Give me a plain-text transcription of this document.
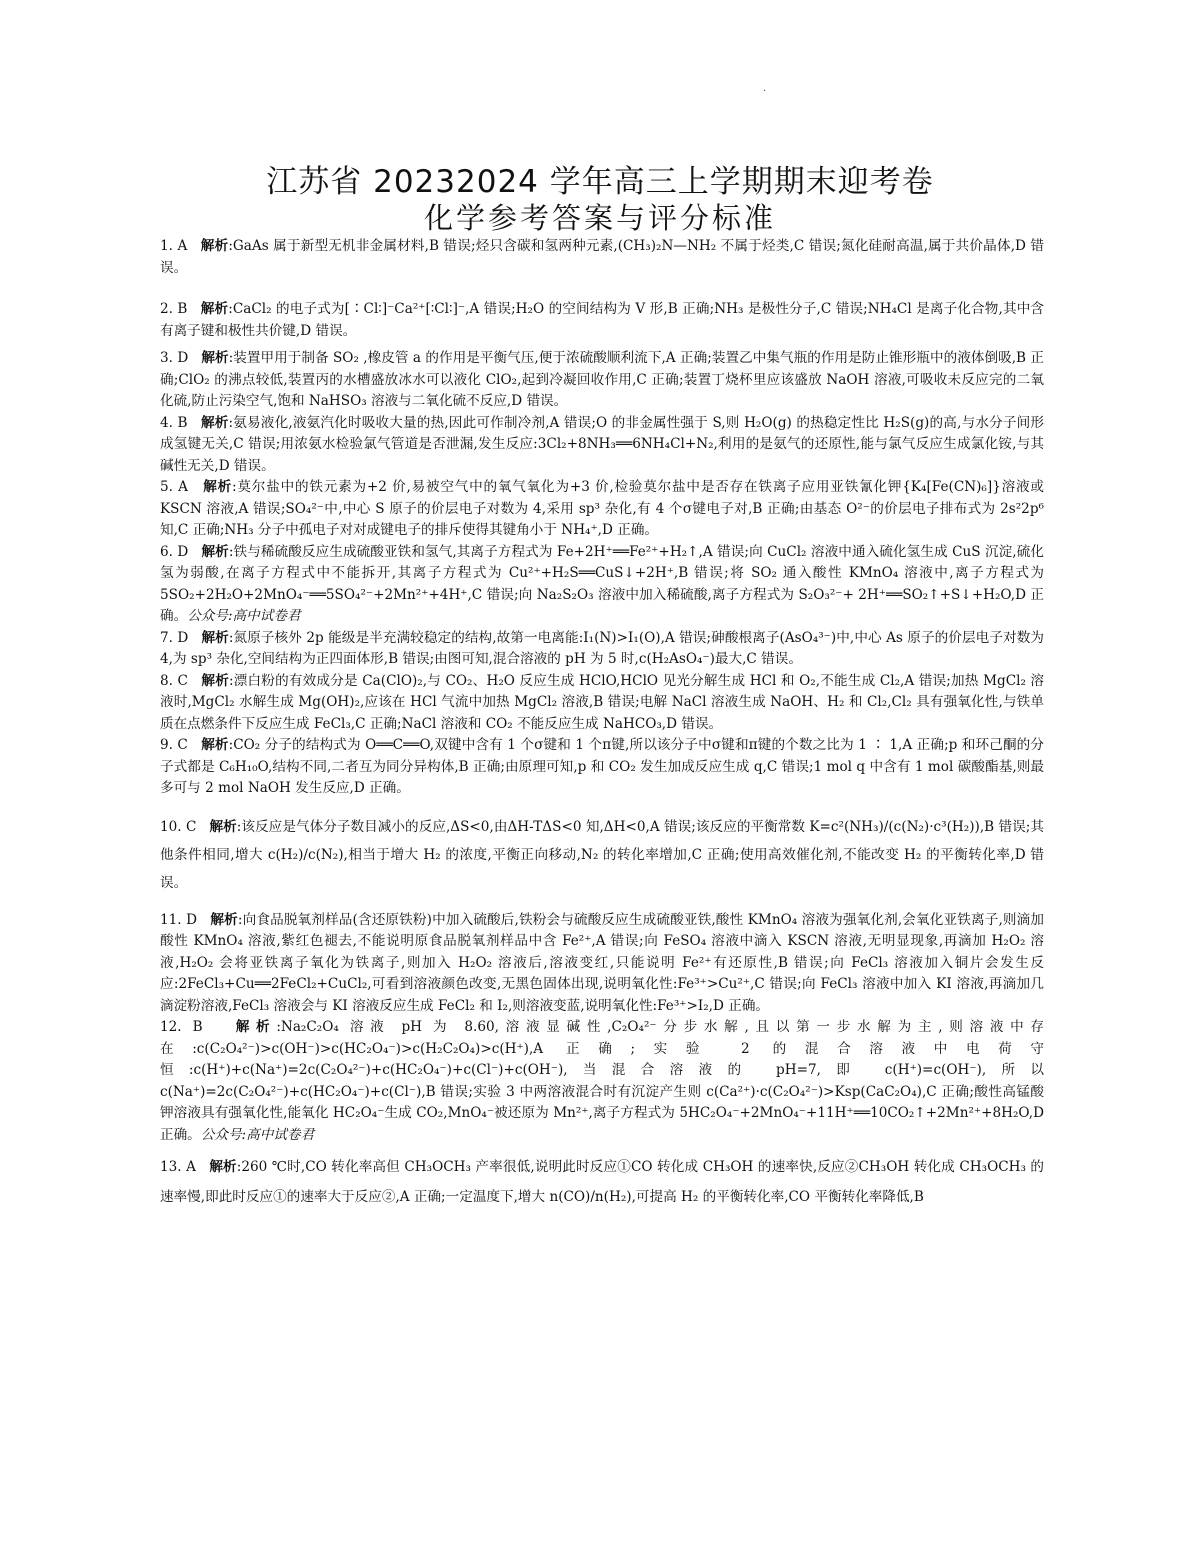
·
江苏省 20232024 学年高三上学期期末迎考卷
化学参考答案与评分标准

1. A 解析:GaAs 属于新型无机非金属材料,B 错误;烃只含碳和氢两种元素,(CH₃)₂N—NH₂ 不属于烃类,C 错误;氮化硅耐高温,属于共价晶体,D 错误。

2. B 解析:CaCl₂ 的电子式为[∶Cl∶]⁻Ca²⁺[∶Cl∶]⁻,A 错误;H₂O 的空间结构为 V 形,B 正确;NH₃ 是极性分子,C 错误;NH₄Cl 是离子化合物,其中含有离子键和极性共价键,D 错误。

3. D 解析:装置甲用于制备 SO₂ ,橡皮管 a 的作用是平衡气压,便于浓硫酸顺利流下,A 正确;装置乙中集气瓶的作用是防止锥形瓶中的液体倒吸,B 正确;ClO₂ 的沸点较低,装置丙的水槽盛放冰水可以液化 ClO₂,起到冷凝回收作用,C 正确;装置丁烧杯里应该盛放 NaOH 溶液,可吸收未反应完的二氧化硫,防止污染空气,饱和 NaHSO₃ 溶液与二氧化硫不反应,D 错误。

4. B 解析:氨易液化,液氨汽化时吸收大量的热,因此可作制冷剂,A 错误;O 的非金属性强于 S,则 H₂O(g) 的热稳定性比 H₂S(g)的高,与水分子间形成氢键无关,C 错误;用浓氨水检验氯气管道是否泄漏,发生反应:3Cl₂+8NH₃══6NH₄Cl+N₂,利用的是氨气的还原性,能与氯气反应生成氯化铵,与其碱性无关,D 错误。

5. A 解析:莫尔盐中的铁元素为+2 价,易被空气中的氧气氧化为+3 价,检验莫尔盐中是否存在铁离子应用亚铁氰化钾{K₄[Fe(CN)₆]}溶液或 KSCN 溶液,A 错误;SO₄²⁻中,中心 S 原子的价层电子对数为 4,采用 sp³ 杂化,有 4 个σ键电子对,B 正确;由基态 O²⁻的价层电子排布式为 2s²2p⁶ 知,C 正确;NH₃ 分子中孤电子对对成键电子的排斥使得其键角小于 NH₄⁺,D 正确。

6. D 解析:铁与稀硫酸反应生成硫酸亚铁和氢气,其离子方程式为 Fe+2H⁺══Fe²⁺+H₂↑,A 错误;向 CuCl₂ 溶液中通入硫化氢生成 CuS 沉淀,硫化氢为弱酸,在离子方程式中不能拆开,其离子方程式为 Cu²⁺+H₂S══CuS↓+2H⁺,B 错误;将 SO₂ 通入酸性 KMnO₄ 溶液中,离子方程式为 5SO₂+2H₂O+2MnO₄⁻══5SO₄²⁻+2Mn²⁺+4H⁺,C 错误;向 Na₂S₂O₃ 溶液中加入稀硫酸,离子方程式为 S₂O₃²⁻+ 2H⁺══SO₂↑+S↓+H₂O,D 正确。公众号:高中试卷君

7. D 解析:氮原子核外 2p 能级是半充满较稳定的结构,故第一电离能:I₁(N)>I₁(O),A 错误;砷酸根离子(AsO₄³⁻)中,中心 As 原子的价层电子对数为 4,为 sp³ 杂化,空间结构为正四面体形,B 错误;由图可知,混合溶液的 pH 为 5 时,c(H₂AsO₄⁻)最大,C 错误。

8. C 解析:漂白粉的有效成分是 Ca(ClO)₂,与 CO₂、H₂O 反应生成 HClO,HClO 见光分解生成 HCl 和 O₂,不能生成 Cl₂,A 错误;加热 MgCl₂ 溶液时,MgCl₂ 水解生成 Mg(OH)₂,应该在 HCl 气流中加热 MgCl₂ 溶液,B 错误;电解 NaCl 溶液生成 NaOH、H₂ 和 Cl₂,Cl₂ 具有强氧化性,与铁单质在点燃条件下反应生成 FeCl₃,C 正确;NaCl 溶液和 CO₂ 不能反应生成 NaHCO₃,D 错误。

9. C 解析:CO₂ 分子的结构式为 O══C══O,双键中含有 1 个σ键和 1 个π键,所以该分子中σ键和π键的个数之比为 1 ∶ 1,A 正确;p 和环己酮的分子式都是 C₆H₁₀O,结构不同,二者互为同分异构体,B 正确;由原理可知,p 和 CO₂ 发生加成反应生成 q,C 错误;1 mol q 中含有 1 mol 碳酸酯基,则最多可与 2 mol NaOH 发生反应,D 正确。

10. C 解析:该反应是气体分子数目减小的反应,ΔS<0,由ΔH-TΔS<0 知,ΔH<0,A 错误;该反应的平衡常数 K=c²(NH₃)/(c(N₂)·c³(H₂)),B 错误;其他条件相同,增大 c(H₂)/c(N₂),相当于增大 H₂ 的浓度,平衡正向移动,N₂ 的转化率增加,C 正确;使用高效催化剂,不能改变 H₂ 的平衡转化率,D 错误。

11. D 解析:向食品脱氧剂样品(含还原铁粉)中加入硫酸后,铁粉会与硫酸反应生成硫酸亚铁,酸性 KMnO₄ 溶液为强氧化剂,会氧化亚铁离子,则滴加酸性 KMnO₄ 溶液,紫红色褪去,不能说明原食品脱氧剂样品中含 Fe²⁺,A 错误;向 FeSO₄ 溶液中滴入 KSCN 溶液,无明显现象,再滴加 H₂O₂ 溶液,H₂O₂ 会将亚铁离子氧化为铁离子,则加入 H₂O₂ 溶液后,溶液变红,只能说明 Fe²⁺有还原性,B 错误;向 FeCl₃ 溶液加入铜片会发生反应:2FeCl₃+Cu══2FeCl₂+CuCl₂,可看到溶液颜色改变,无黑色固体出现,说明氧化性:Fe³⁺>Cu²⁺,C 错误;向 FeCl₃ 溶液中加入 KI 溶液,再滴加几滴淀粉溶液,FeCl₃ 溶液会与 KI 溶液反应生成 FeCl₂ 和 I₂,则溶液变蓝,说明氧化性:Fe³⁺>I₂,D 正确。

12. B 解析:Na₂C₂O₄ 溶液 pH 为 8.60,溶液显碱性,C₂O₄²⁻分步水解,且以第一步水解为主,则溶液中存在:c(C₂O₄²⁻)>c(OH⁻)>c(HC₂O₄⁻)>c(H₂C₂O₄)>c(H⁺),A 正确;实验 2 的混合溶液中电荷守恒:c(H⁺)+c(Na⁺)=2c(C₂O₄²⁻)+c(HC₂O₄⁻)+c(Cl⁻)+c(OH⁻),当混合溶液的 pH=7,即 c(H⁺)=c(OH⁻),所以 c(Na⁺)=2c(C₂O₄²⁻)+c(HC₂O₄⁻)+c(Cl⁻),B 错误;实验 3 中两溶液混合时有沉淀产生则 c(Ca²⁺)·c(C₂O₄²⁻)>Ksp(CaC₂O₄),C 正确;酸性高锰酸钾溶液具有强氧化性,能氧化 HC₂O₄⁻生成 CO₂,MnO₄⁻被还原为 Mn²⁺,离子方程式为 5HC₂O₄⁻+2MnO₄⁻+11H⁺══10CO₂↑+2Mn²⁺+8H₂O,D 正确。公众号:高中试卷君

13. A 解析:260 ℃时,CO 转化率高但 CH₃OCH₃ 产率很低,说明此时反应①CO 转化成 CH₃OH 的速率快,反应②CH₃OH 转化成 CH₃OCH₃ 的速率慢,即此时反应①的速率大于反应②,A 正确;一定温度下,增大 n(CO)/n(H₂),可提高 H₂ 的平衡转化率,CO 平衡转化率降低,B
